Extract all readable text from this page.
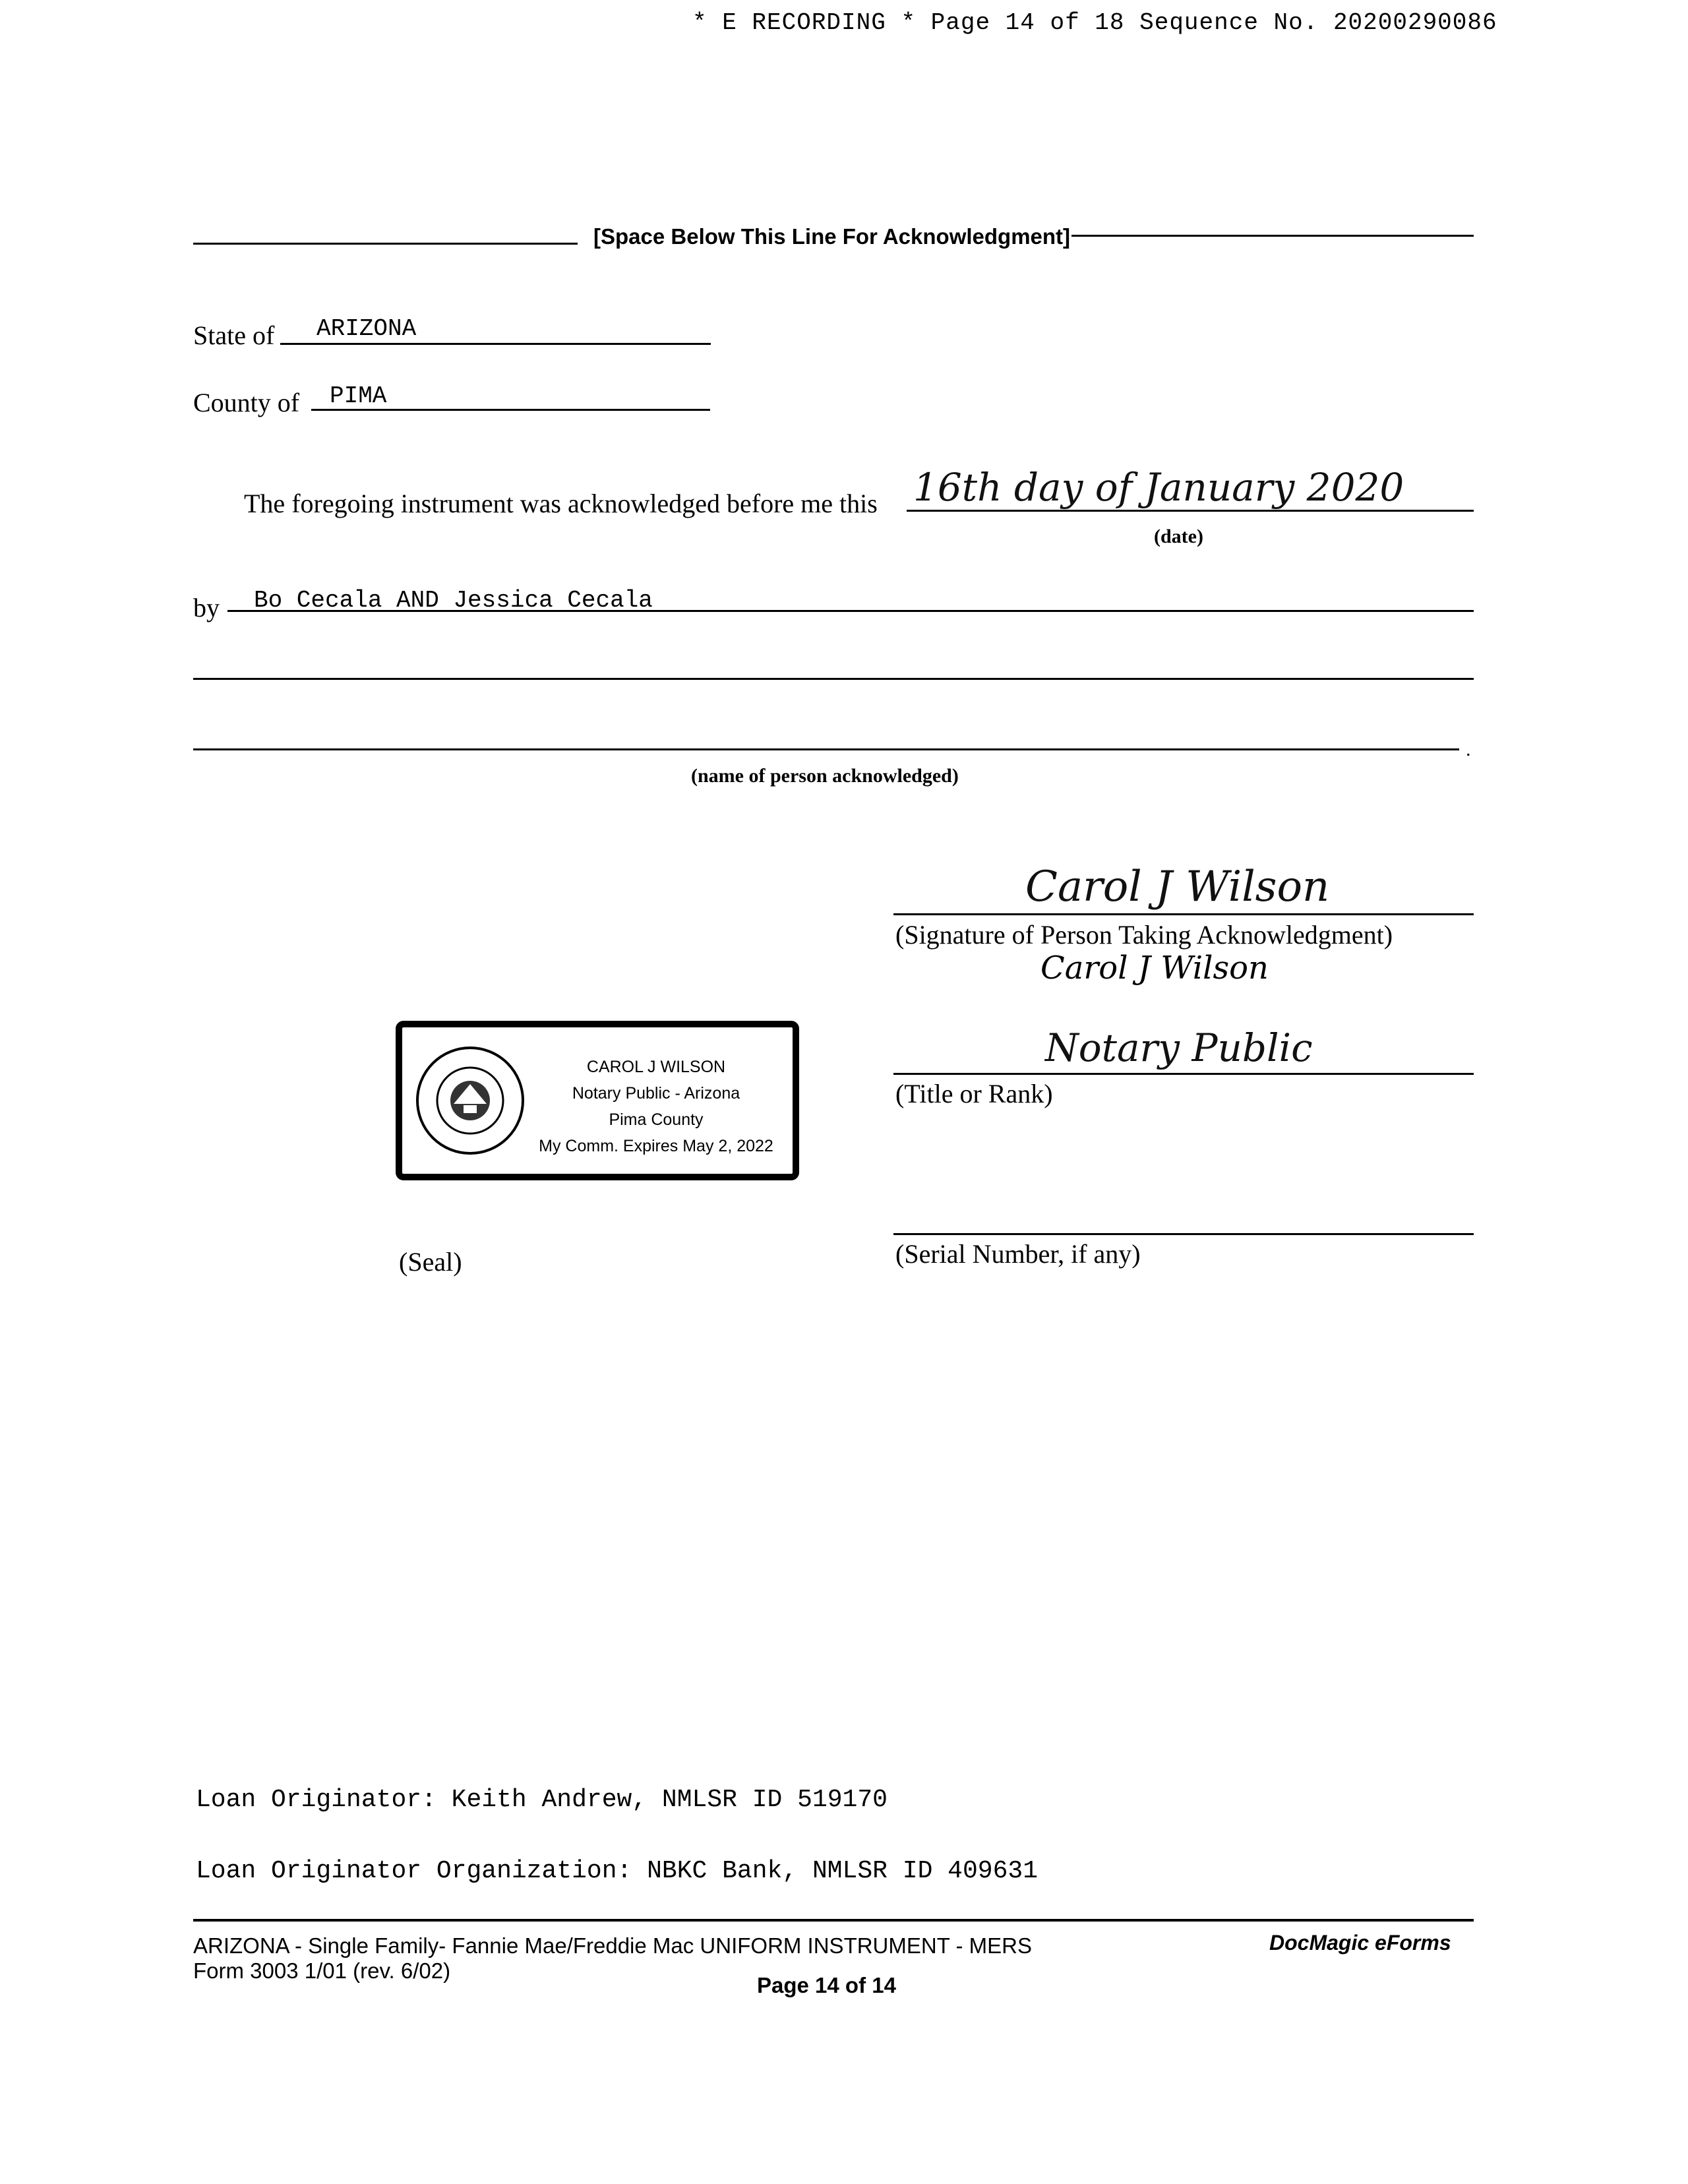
* E RECORDING * Page 14 of 18 Sequence No. 20200290086
[Space Below This Line For Acknowledgment]
State of ARIZONA
County of PIMA
The foregoing instrument was acknowledged before me this 16th day of January 2020
(date)
by Bo Cecala AND Jessica Cecala
.
(name of person acknowledged)
Carol J Wilson
(Signature of Person Taking Acknowledgment)
Carol J Wilson
CAROL J WILSON
Notary Public - Arizona
Pima County
My Comm. Expires May 2, 2022
Notary Public
(Title or Rank)
(Serial Number, if any)
(Seal)

Loan Originator: Keith Andrew, NMLSR ID 519170

Loan Originator Organization: NBKC Bank, NMLSR ID 409631

ARIZONA - Single Family- Fannie Mae/Freddie Mac UNIFORM INSTRUMENT - MERS
Form 3003 1/01 (rev. 6/02)
DocMagic eForms
Page 14 of 14
